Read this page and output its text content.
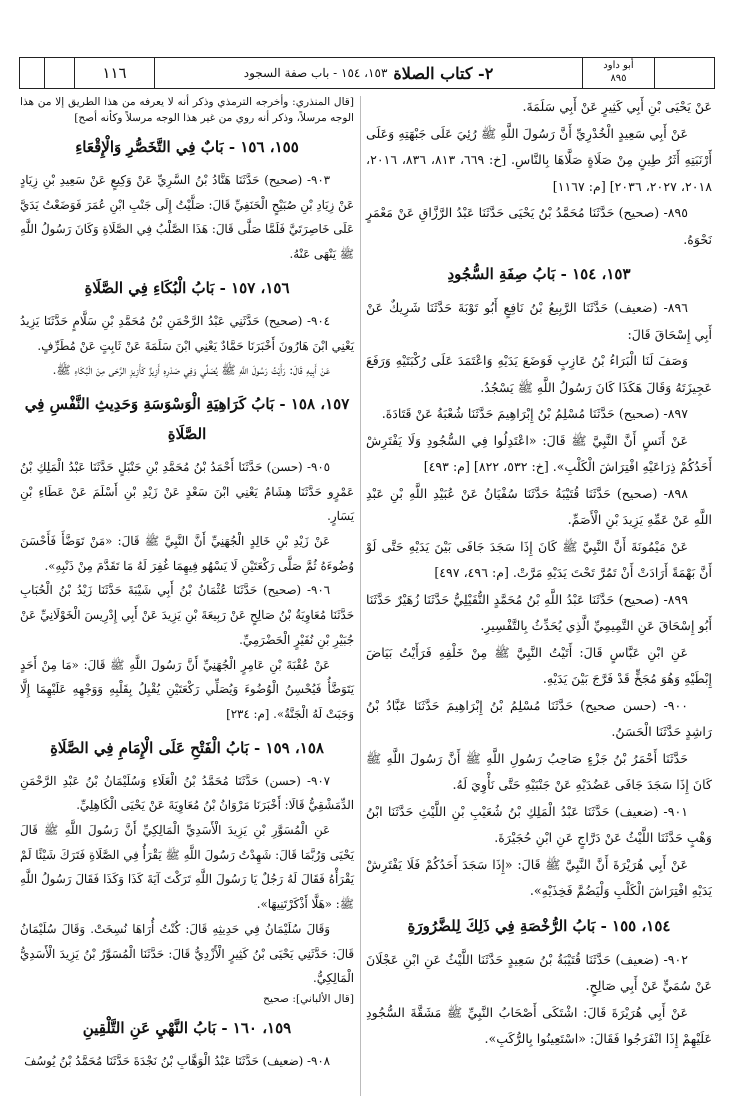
١١٦	٢- كتاب الصلاة
١٥٣، ١٥٤ - باب صفة السجود
أبو داود
٨٩٥

عَنْ يَحْيَى بْنِ أَبِي كَثِيرٍ عَنْ أَبِي سَلَمَةَ.

عَنْ أَبِي سَعِيدٍ الْخُدْرِيِّ أَنَّ رَسُولَ اللَّهِ ﷺ رُئِيَ عَلَى جَبْهَتِهِ وَعَلَى أَرْنَبَتِهِ أَثَرُ طِينٍ مِنْ صَلَاةٍ صَلَّاهَا بِالنَّاسِ. [خ: ٦٦٩، ٨١٣، ٨٣٦، ٢٠١٦، ٢٠١٨، ٢٠٢٧، ٢٠٣٦] [م: ١١٦٧]

٨٩٥- (صحيح) حَدَّثَنَا مُحَمَّدُ بْنُ يَحْيَى حَدَّثَنَا عَبْدُ الرَّزَّاقِ عَنْ مَعْمَرٍ نَحْوَهُ.

١٥٣، ١٥٤ - بَابُ صِفَةِ السُّجُودِ

٨٩٦- (ضعيف) حَدَّثَنَا الرَّبِيعُ بْنُ نَافِعٍ أَبُو تَوْبَةَ حَدَّثَنَا شَرِيكٌ عَنْ أَبِي إِسْحَاقَ قَالَ:

وَصَفَ لَنَا الْبَرَاءُ بْنُ عَازِبٍ فَوَضَعَ يَدَيْهِ وَاعْتَمَدَ عَلَى رُكْبَتَيْهِ وَرَفَعَ عَجِيزَتَهُ وَقَالَ هَكَذَا كَانَ رَسُولُ اللَّهِ ﷺ يَسْجُدُ.

٨٩٧- (صحيح) حَدَّثَنَا مُسْلِمُ بْنُ إِبْرَاهِيمَ حَدَّثَنَا شُعْبَةُ عَنْ قَتَادَةَ.

عَنْ أَنَسٍ أَنَّ النَّبِيَّ ﷺ قَالَ: «اعْتَدِلُوا فِي السُّجُودِ وَلَا يَفْتَرِشْ أَحَدُكُمْ ذِرَاعَيْهِ افْتِرَاشَ الْكَلْبِ». [خ: ٥٣٢، ٨٢٢] [م: ٤٩٣]

٨٩٨- (صحيح) حَدَّثَنَا قُتَيْبَةُ حَدَّثَنَا سُفْيَانُ عَنْ عُبَيْدِ اللَّهِ بْنِ عَبْدِ اللَّهِ عَنْ عَمِّهِ يَزِيدَ بْنِ الْأَصَمِّ.

عَنْ مَيْمُونَةَ أَنَّ النَّبِيَّ ﷺ كَانَ إِذَا سَجَدَ جَافَى بَيْنَ يَدَيْهِ حَتَّى لَوْ أَنَّ بَهْمَةً أَرَادَتْ أَنْ تَمُرَّ تَحْتَ يَدَيْهِ مَرَّتْ. [م: ٤٩٦، ٤٩٧]

٨٩٩- (صحيح) حَدَّثَنَا عَبْدُ اللَّهِ بْنُ مُحَمَّدٍ النُّفَيْلِيُّ حَدَّثَنَا زُهَيْرٌ حَدَّثَنَا أَبُو إِسْحَاقَ عَنِ التَّمِيمِيِّ الَّذِي يُحَدِّثُ بِالتَّفْسِيرِ.

عَنِ ابْنِ عَبَّاسٍ قَالَ: أَتَيْتُ النَّبِيَّ ﷺ مِنْ خَلْفِهِ فَرَأَيْتُ بَيَاضَ إِبْطَيْهِ وَهُوَ مُجَخٍّ قَدْ فَرَّجَ بَيْنَ يَدَيْهِ.

٩٠٠- (حسن صحيح) حَدَّثَنَا مُسْلِمُ بْنُ إِبْرَاهِيمَ حَدَّثَنَا عَبَّادُ بْنُ رَاشِدٍ حَدَّثَنَا الْحَسَنُ.

حَدَّثَنَا أَحْمَرُ بْنُ جَزْءٍ صَاحِبُ رَسُولِ اللَّهِ ﷺ أَنَّ رَسُولَ اللَّهِ ﷺ كَانَ إِذَا سَجَدَ جَافَى عَضُدَيْهِ عَنْ جَنْبَيْهِ حَتَّى نَأْوِيَ لَهُ.

٩٠١- (ضعيف) حَدَّثَنَا عَبْدُ الْمَلِكِ بْنُ شُعَيْبِ بْنِ اللَّيْثِ حَدَّثَنَا ابْنُ وَهْبٍ حَدَّثَنَا اللَّيْثُ عَنْ دَرَّاجٍ عَنِ ابْنِ حُجَيْرَةَ.

عَنْ أَبِي هُرَيْرَةَ أَنَّ النَّبِيَّ ﷺ قَالَ: «إِذَا سَجَدَ أَحَدُكُمْ فَلَا يَفْتَرِشْ يَدَيْهِ افْتِرَاشَ الْكَلْبِ وَلْيَضُمَّ فَخِذَيْهِ».

١٥٤، ١٥٥ - بَابُ الرُّخْصَةِ فِي ذَلِكَ لِلضَّرُورَةِ

٩٠٢- (ضعيف) حَدَّثَنَا قُتَيْبَةُ بْنُ سَعِيدٍ حَدَّثَنَا اللَّيْثُ عَنِ ابْنِ عَجْلَانَ عَنْ سُمَيٍّ عَنْ أَبِي صَالِحٍ.

عَنْ أَبِي هُرَيْرَةَ قَالَ: اشْتَكَى أَصْحَابُ النَّبِيِّ ﷺ مَشَقَّةَ السُّجُودِ عَلَيْهِمْ إِذَا انْفَرَجُوا فَقَالَ: «اسْتَعِينُوا بِالرُّكَبِ».

[قال المنذري: وأخرجه الترمذي وذكر أنه لا يعرفه من هذا الطريق إلا من هذا الوجه مرسلاً، وذكر أنه روي من غير هذا الوجه مرسلاً وكأنه أصح]

١٥٥، ١٥٦ - بَابٌ فِي التَّخَصُّرِ وَالْإِقْعَاءِ

٩٠٣- (صحيح) حَدَّثَنَا هَنَّادُ بْنُ السَّرِيِّ عَنْ وَكِيعٍ عَنْ سَعِيدِ بْنِ زِيَادٍ عَنْ زِيَادِ بْنِ صُبَيْحٍ الْحَنَفِيِّ قَالَ: صَلَّيْتُ إِلَى جَنْبِ ابْنِ عُمَرَ فَوَضَعْتُ يَدَيَّ عَلَى خَاصِرَتَيَّ فَلَمَّا صَلَّى قَالَ: هَذَا الصَّلْبُ فِي الصَّلَاةِ وَكَانَ رَسُولُ اللَّهِ ﷺ يَنْهَى عَنْهُ.

١٥٦، ١٥٧ - بَابُ الْبُكَاءِ فِي الصَّلَاةِ

٩٠٤- (صحيح) حَدَّثَنِي عَبْدُ الرَّحْمَنِ بْنُ مُحَمَّدِ بْنِ سَلَّامٍ حَدَّثَنَا يَزِيدُ يَعْنِي ابْنَ هَارُونَ أَخْبَرَنَا حَمَّادٌ يَعْنِي ابْنَ سَلَمَةَ عَنْ ثَابِتٍ عَنْ مُطَرِّفٍ.

عَنْ أَبِيهِ قَالَ: رَأَيْتُ رَسُولَ اللَّهِ ﷺ يُصَلِّي وَفِي صَدْرِهِ أَزِيزٌ كَأَزِيزِ الرَّحَى مِنَ الْبُكَاءِ ﷺ.

١٥٧، ١٥٨ - بَابُ كَرَاهِيَةِ الْوَسْوَسَةِ وَحَدِيثِ النَّفْسِ فِي الصَّلَاةِ

٩٠٥- (حسن) حَدَّثَنَا أَحْمَدُ بْنُ مُحَمَّدِ بْنِ حَنْبَلٍ حَدَّثَنَا عَبْدُ الْمَلِكِ بْنُ عَمْرٍو حَدَّثَنَا هِشَامٌ يَعْنِي ابْنَ سَعْدٍ عَنْ زَيْدِ بْنِ أَسْلَمَ عَنْ عَطَاءِ بْنِ يَسَارٍ.

عَنْ زَيْدِ بْنِ خَالِدٍ الْجُهَنِيِّ أَنَّ النَّبِيَّ ﷺ قَالَ: «مَنْ تَوَضَّأَ فَأَحْسَنَ وُضُوءَهُ ثُمَّ صَلَّى رَكْعَتَيْنِ لَا يَسْهُو فِيهِمَا غُفِرَ لَهُ مَا تَقَدَّمَ مِنْ ذَنْبِهِ».

٩٠٦- (صحيح) حَدَّثَنَا عُثْمَانُ بْنُ أَبِي شَيْبَةَ حَدَّثَنَا زَيْدُ بْنُ الْحُبَابِ حَدَّثَنَا مُعَاوِيَةُ بْنُ صَالِحٍ عَنْ رَبِيعَةَ بْنِ يَزِيدَ عَنْ أَبِي إِدْرِيسَ الْخَوْلَانِيِّ عَنْ جُبَيْرِ بْنِ نُفَيْرٍ الْحَضْرَمِيِّ.

عَنْ عُقْبَةَ بْنِ عَامِرٍ الْجُهَنِيِّ أَنَّ رَسُولَ اللَّهِ ﷺ قَالَ: «مَا مِنْ أَحَدٍ يَتَوَضَّأُ فَيُحْسِنُ الْوُضُوءَ وَيُصَلِّي رَكْعَتَيْنِ يُقْبِلُ بِقَلْبِهِ وَوَجْهِهِ عَلَيْهِمَا إِلَّا وَجَبَتْ لَهُ الْجَنَّةُ». [م: ٢٣٤]

١٥٨، ١٥٩ - بَابُ الْفَتْحِ عَلَى الْإِمَامِ فِي الصَّلَاةِ

٩٠٧- (حسن) حَدَّثَنَا مُحَمَّدُ بْنُ الْعَلَاءِ وَسُلَيْمَانُ بْنُ عَبْدِ الرَّحْمَنِ الدِّمَشْقِيُّ قَالَا: أَخْبَرَنَا مَرْوَانُ بْنُ مُعَاوِيَةَ عَنْ يَحْيَى الْكَاهِلِيِّ.

عَنِ الْمُسَوَّرِ بْنِ يَزِيدَ الْأَسَدِيِّ الْمَالِكِيِّ أَنَّ رَسُولَ اللَّهِ ﷺ قَالَ يَحْيَى وَرُبَّمَا قَالَ: شَهِدْتُ رَسُولَ اللَّهِ ﷺ يَقْرَأُ فِي الصَّلَاةِ فَتَرَكَ شَيْئًا لَمْ يَقْرَأْهُ فَقَالَ لَهُ رَجُلٌ يَا رَسُولَ اللَّهِ تَرَكْتَ آيَةَ كَذَا وَكَذَا فَقَالَ رَسُولُ اللَّهِ ﷺ: «هَلَّا أَذْكَرْتَنِيهَا».

وَقَالَ سُلَيْمَانُ فِي حَدِيثِهِ قَالَ: كُنْتُ أُرَاهَا نُسِخَتْ. وَقَالَ سُلَيْمَانُ قَالَ: حَدَّثَنِي يَحْيَى بْنُ كَثِيرٍ الْأَزْدِيُّ قَالَ: حَدَّثَنَا الْمُسَوَّرُ بْنُ يَزِيدَ الْأَسَدِيُّ الْمَالِكِيُّ.

[قال الألباني]: صحيح

١٥٩، ١٦٠ - بَابُ النَّهْيِ عَنِ التَّلْقِينِ

٩٠٨- (ضعيف) حَدَّثَنَا عَبْدُ الْوَهَّابِ بْنُ نَجْدَةَ حَدَّثَنَا مُحَمَّدُ بْنُ يُوسُفَ
